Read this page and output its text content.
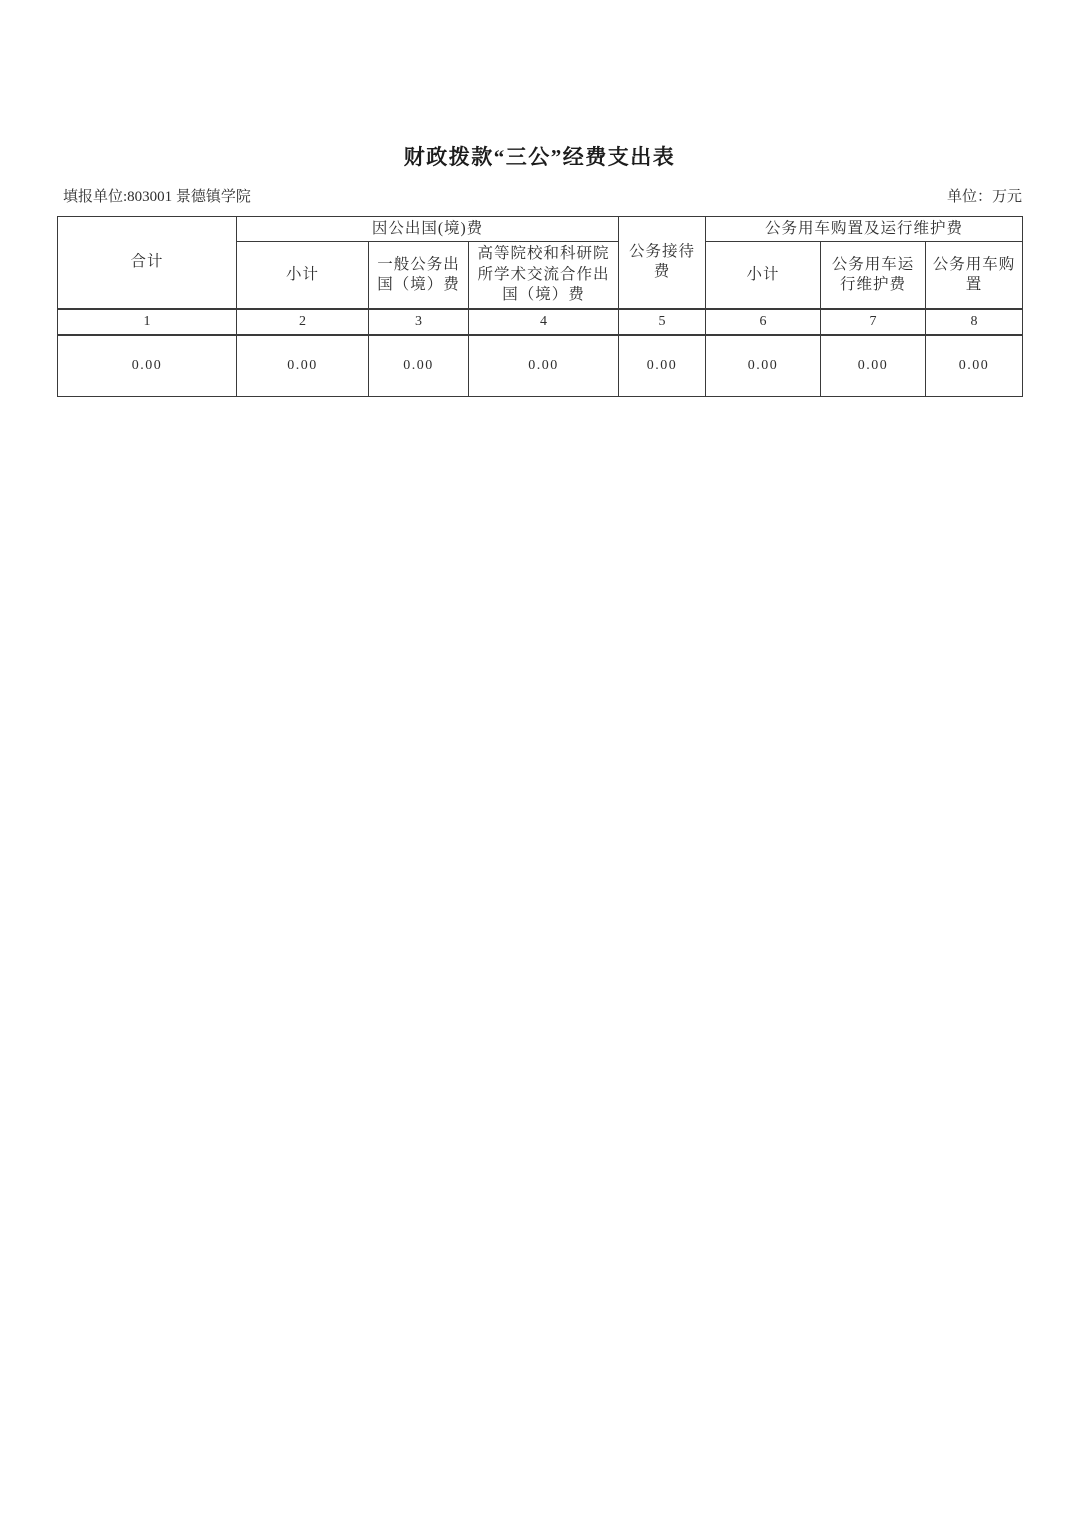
财政拨款“三公”经费支出表
填报单位:803001 景德镇学院	单位：万元
合计	因公出国(境)费			公务接待费	公务用车购置及运行维护费		
	小计	一般公务出国（境）费	高等院校和科研院所学术交流合作出国（境）费		小计	公务用车运行维护费	公务用车购置
1	2	3	4	5	6	7	8
0.00	0.00	0.00	0.00	0.00	0.00	0.00	0.00
